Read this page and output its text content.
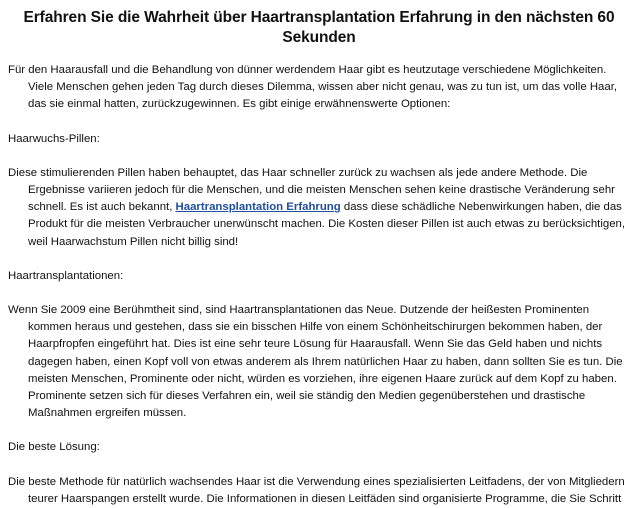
Erfahren Sie die Wahrheit über Haartransplantation Erfahrung in den nächsten 60 Sekunden

Für den Haarausfall und die Behandlung von dünner werdendem Haar gibt es heutzutage verschiedene Möglichkeiten. Viele Menschen gehen jeden Tag durch dieses Dilemma, wissen aber nicht genau, was zu tun ist, um das volle Haar, das sie einmal hatten, zurückzugewinnen. Es gibt einige erwähnenswerte Optionen:

Haarwuchs-Pillen:

Diese stimulierenden Pillen haben behauptet, das Haar schneller zurück zu wachsen als jede andere Methode. Die Ergebnisse variieren jedoch für die Menschen, und die meisten Menschen sehen keine drastische Veränderung sehr schnell. Es ist auch bekannt, Haartransplantation Erfahrung dass diese schädliche Nebenwirkungen haben, die das Produkt für die meisten Verbraucher unerwünscht machen. Die Kosten dieser Pillen ist auch etwas zu berücksichtigen, weil Haarwachstum Pillen nicht billig sind!

Haartransplantationen:

Wenn Sie 2009 eine Berühmtheit sind, sind Haartransplantationen das Neue. Dutzende der heißesten Prominenten kommen heraus und gestehen, dass sie ein bisschen Hilfe von einem Schönheitschirurgen bekommen haben, der Haarpfropfen eingeführt hat. Dies ist eine sehr teure Lösung für Haarausfall. Wenn Sie das Geld haben und nichts dagegen haben, einen Kopf voll von etwas anderem als Ihrem natürlichen Haar zu haben, dann sollten Sie es tun. Die meisten Menschen, Prominente oder nicht, würden es vorziehen, ihre eigenen Haare zurück auf dem Kopf zu haben. Prominente setzen sich für dieses Verfahren ein, weil sie ständig den Medien gegenüberstehen und drastische Maßnahmen ergreifen müssen.

Die beste Lösung:

Die beste Methode für natürlich wachsendes Haar ist die Verwendung eines spezialisierten Leitfadens, der von Mitgliedern teurer Haarspangen erstellt wurde. Die Informationen in diesen Leitfäden sind organisierte Programme, die Sie Schritt
